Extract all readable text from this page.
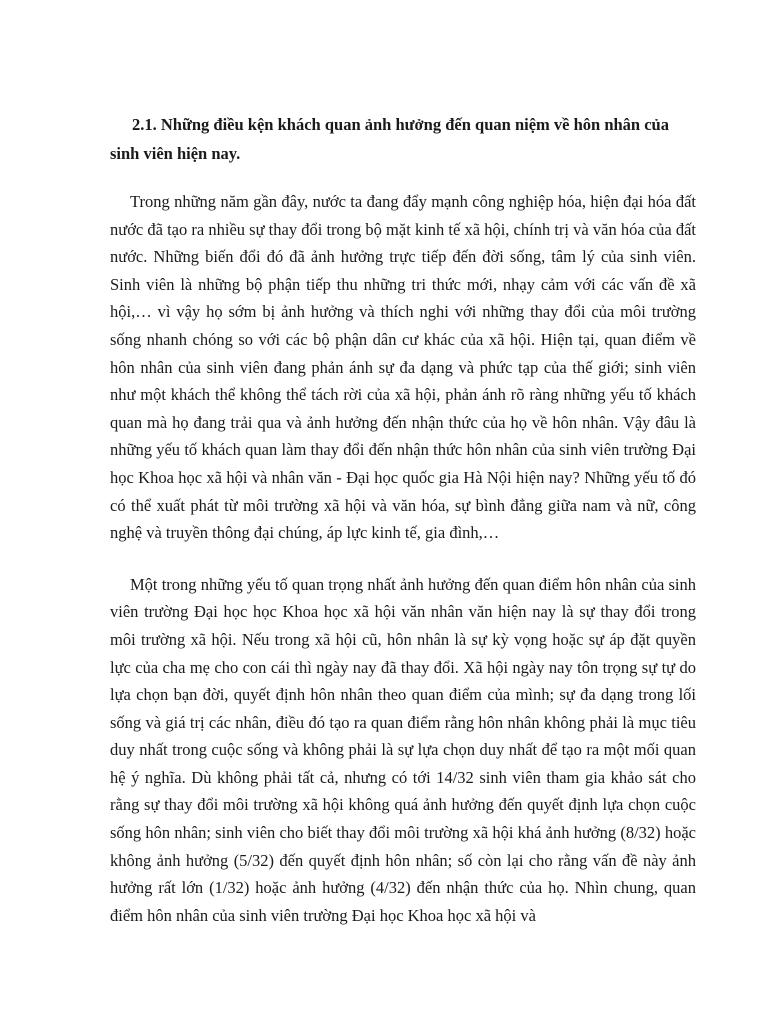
2.1. Những điều kện khách quan ảnh hưởng đến quan niệm về hôn nhân của sinh viên hiện nay.

Trong những năm gần đây, nước ta đang đẩy mạnh công nghiệp hóa, hiện đại hóa đất nước đã tạo ra nhiều sự thay đổi trong bộ mặt kinh tế xã hội, chính trị và văn hóa của đất nước. Những biến đổi đó đã ảnh hưởng trực tiếp đến đời sống, tâm lý của sinh viên. Sinh viên là những bộ phận tiếp thu những tri thức mới, nhạy cảm với các vấn đề xã hội,… vì vậy họ sớm bị ảnh hưởng và thích nghi với những thay đổi của môi trường sống nhanh chóng so với các bộ phận dân cư khác của xã hội. Hiện tại, quan điểm về hôn nhân của sinh viên đang phản ánh sự đa dạng và phức tạp của thế giới; sinh viên như một khách thể không thể tách rời của xã hội, phản ánh rõ ràng những yếu tố khách quan mà họ đang trải qua và ảnh hưởng đến nhận thức của họ về hôn nhân. Vậy đâu là những yếu tố khách quan làm thay đổi đến nhận thức hôn nhân của sinh viên trường Đại học Khoa học xã hội và nhân văn - Đại học quốc gia Hà Nội hiện nay? Những yếu tố đó có thể xuất phát từ môi trường xã hội và văn hóa, sự bình đẳng giữa nam và nữ, công nghệ và truyền thông đại chúng, áp lực kinh tế, gia đình,…

Một trong những yếu tố quan trọng nhất ảnh hưởng đến quan điểm hôn nhân của sinh viên trường Đại học học Khoa học xã hội văn nhân văn hiện nay là sự thay đổi trong môi trường xã hội. Nếu trong xã hội cũ, hôn nhân là sự kỳ vọng hoặc sự áp đặt quyền lực của cha mẹ cho con cái thì ngày nay đã thay đổi. Xã hội ngày nay tôn trọng sự tự do lựa chọn bạn đời, quyết định hôn nhân theo quan điểm của mình; sự đa dạng trong lối sống và giá trị các nhân, điều đó tạo ra quan điểm rằng hôn nhân không phải là mục tiêu duy nhất trong cuộc sống và không phải là sự lựa chọn duy nhất để tạo ra một mối quan hệ ý nghĩa. Dù không phải tất cả, nhưng có tới 14/32 sinh viên tham gia khảo sát cho rằng sự thay đổi môi trường xã hội không quá ảnh hưởng đến quyết định lựa chọn cuộc sống hôn nhân; sinh viên cho biết thay đổi môi trường xã hội khá ảnh hưởng (8/32) hoặc không ảnh hưởng (5/32) đến quyết định hôn nhân; số còn lại cho rằng vấn đề này ảnh hưởng rất lớn (1/32) hoặc ảnh hưởng (4/32) đến nhận thức của họ. Nhìn chung, quan điểm hôn nhân của sinh viên trường Đại học Khoa học xã hội và
